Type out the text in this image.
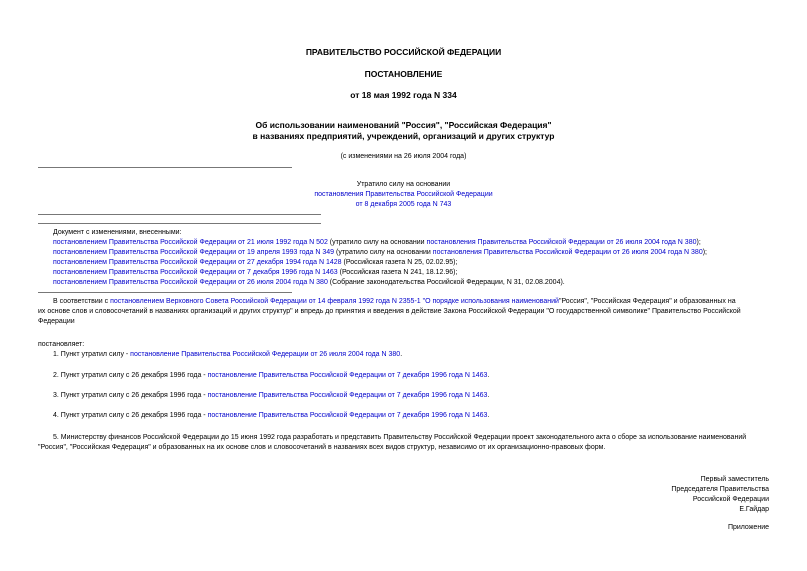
ПРАВИТЕЛЬСТВО РОССИЙСКОЙ ФЕДЕРАЦИИ
ПОСТАНОВЛЕНИЕ
от 18 мая 1992 года N 334
Об использовании наименований "Россия", "Российская Федерация"
в названиях предприятий, учреждений, организаций и других структур
(с изменениями на 26 июля 2004 года)
Утратило силу на основании
постановления Правительства Российской Федерации
от 8 декабря 2005 года N 743
Документ с изменениями, внесенными:
постановлением Правительства Российской Федерации от 21 июля 1992 года N 502 (утратило силу на основании постановления Правительства Российской Федерации от 26 июля 2004 года N 380);
постановлением Правительства Российской Федерации от 19 апреля 1993 года N 349 (утратило силу на основании постановления Правительства Российской Федерации от 26 июля 2004 года N 380);
постановлением Правительства Российской Федерации от 27 декабря 1994 года N 1428 (Российская газета N 25, 02.02.95);
постановлением Правительства Российской Федерации от 7 декабря 1996 года N 1463 (Российская газета N 241, 18.12.96);
постановлением Правительства Российской Федерации от 26 июля 2004 года N 380 (Собрание законодательства Российской Федерации, N 31, 02.08.2004).
В соответствии с постановлением Верховного Совета Российской Федерации от 14 февраля 1992 года N 2355-1 "О порядке использования наименований"Россия", "Российская Федерация" и образованных на
их основе слов и словосочетаний в названиях организаций и других структур" и впредь до принятия и введения в действие Закона Российской Федерации "О государственной символике" Правительство Российской
Федерации
постановляет:
1. Пункт утратил силу - постановление Правительства Российской Федерации от 26 июля 2004 года N 380.
2. Пункт утратил силу с 26 декабря 1996 года - постановление Правительства Российской Федерации от 7 декабря 1996 года N 1463.
3. Пункт утратил силу с 26 декабря 1996 года - постановление Правительства Российской Федерации от 7 декабря 1996 года N 1463.
4. Пункт утратил силу с 26 декабря 1996 года - постановление Правительства Российской Федерации от 7 декабря 1996 года N 1463.
5. Министерству финансов Российской Федерации до 15 июня 1992 года разработать и представить Правительству Российской Федерации проект законодательного акта о сборе за использование наименований
"Россия", "Российская Федерация" и образованных на их основе слов и словосочетаний в названиях всех видов структур, независимо от их организационно-правовых форм.
Первый заместитель
Председателя Правительства
Российской Федерации
Е.Гайдар
Приложение
